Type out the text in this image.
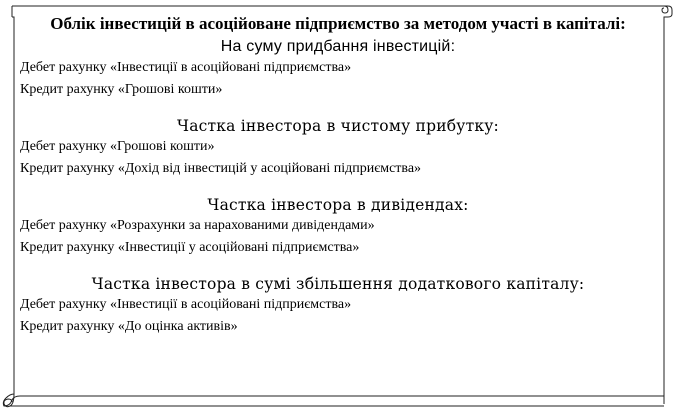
Облік інвестицій в асоційоване підприємство за методом участі в капіталі:
На суму придбання інвестицій:
Дебет рахунку «Інвестиції в асоційовані підприємства»
Кредит рахунку «Грошові кошти»
Частка інвестора в чистому прибутку:
Дебет рахунку «Грошові кошти»
Кредит рахунку «Дохід від інвестицій у асоційовані підприємства»
Частка інвестора в дивідендах:
Дебет рахунку «Розрахунки за нарахованими дивідендами»
Кредит рахунку «Інвестиції у асоційовані підприємства»
Частка інвестора в сумі збільшення додаткового капіталу:
Дебет рахунку «Інвестиції в асоційовані підприємства»
Кредит рахунку «До оцінка активів»
